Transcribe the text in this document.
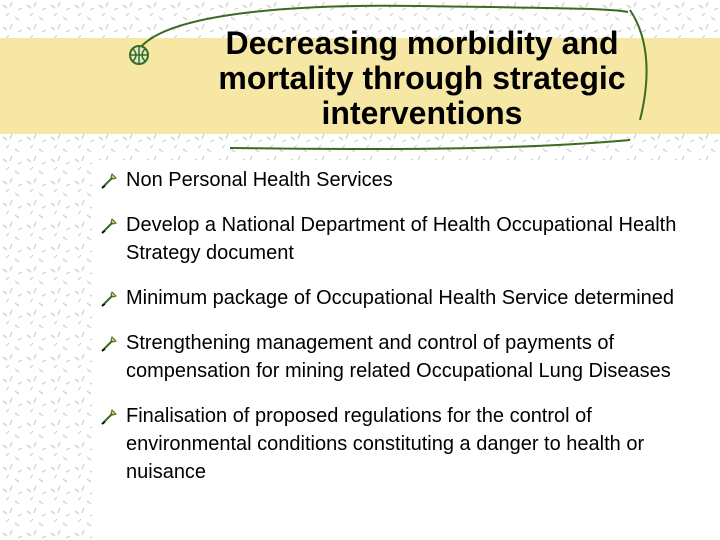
Decreasing morbidity and mortality through strategic interventions
Non Personal Health Services
Develop a National Department of Health Occupational Health Strategy document
Minimum package of Occupational Health Service determined
Strengthening management and control of payments of compensation for mining related Occupational Lung Diseases
Finalisation of proposed regulations for the control of environmental conditions constituting a danger to health or nuisance
